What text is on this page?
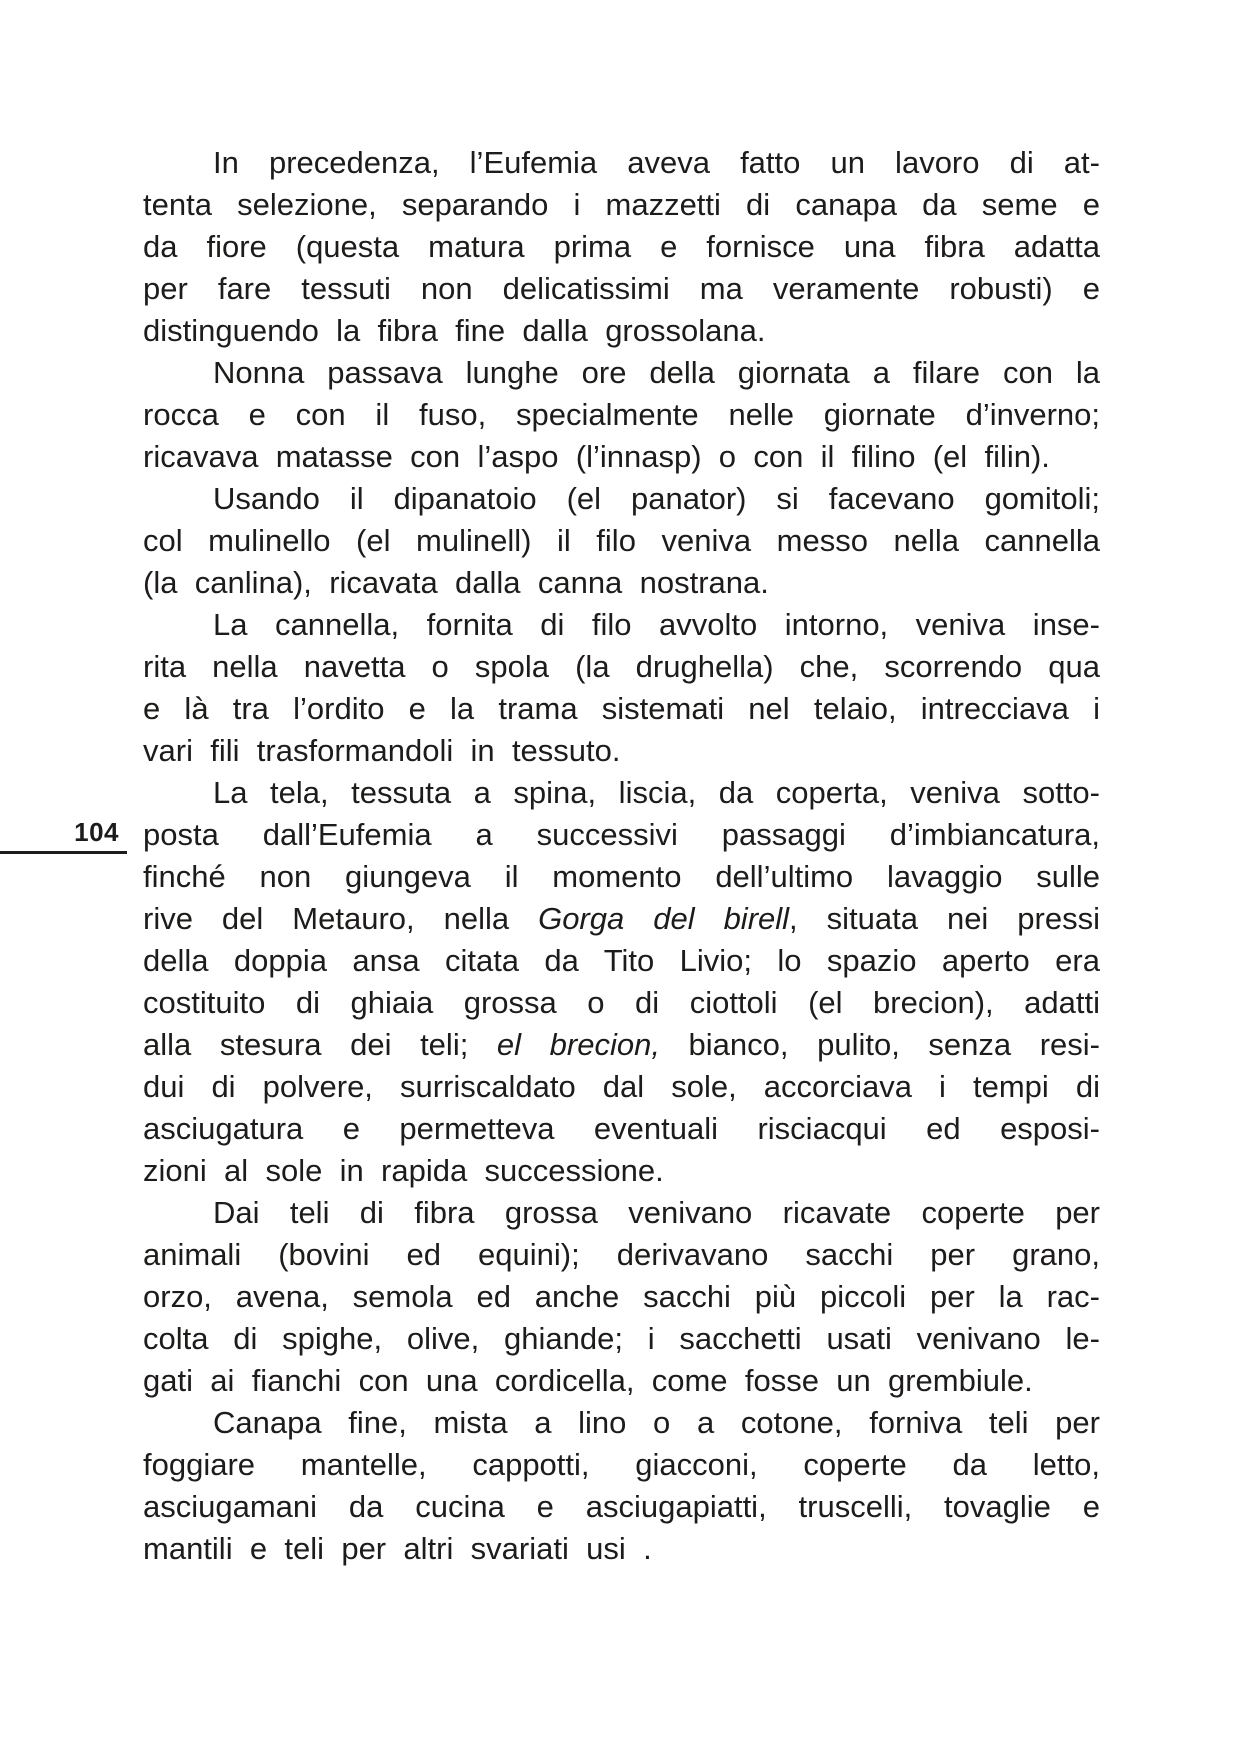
104
In precedenza, l’Eufemia aveva fatto un lavoro di at-
tenta selezione, separando i mazzetti di canapa da seme e
da fiore (questa matura prima e fornisce una fibra adatta
per fare tessuti non delicatissimi ma veramente robusti) e
distinguendo la fibra fine dalla grossolana.
Nonna passava lunghe ore della giornata a filare con la
rocca e con il fuso, specialmente nelle giornate d’inverno;
ricavava matasse con l’aspo (l’innasp) o con il filino (el filin).
Usando il dipanatoio (el panator) si facevano gomitoli;
col mulinello (el mulinell) il filo veniva messo nella cannella
(la canlina), ricavata dalla canna nostrana.
La cannella, fornita di filo avvolto intorno, veniva inse-
rita nella navetta o spola (la drughella) che, scorrendo qua
e là tra l’ordito e la trama sistemati nel telaio, intrecciava i
vari fili trasformandoli in tessuto.
La tela, tessuta a spina, liscia, da coperta, veniva sotto-
posta dall’Eufemia a successivi passaggi d’imbiancatura,
finché non giungeva il momento dell’ultimo lavaggio sulle
rive del Metauro, nella Gorga del birell, situata nei pressi
della doppia ansa citata da Tito Livio; lo spazio aperto era
costituito di ghiaia grossa o di ciottoli (el brecion), adatti
alla stesura dei teli; el brecion, bianco, pulito, senza resi-
dui di polvere, surriscaldato dal sole, accorciava i tempi di
asciugatura e permetteva eventuali risciacqui ed esposi-
zioni al sole in rapida successione.
Dai teli di fibra grossa venivano ricavate coperte per
animali (bovini ed equini); derivavano sacchi per grano,
orzo, avena, semola ed anche sacchi più piccoli per la rac-
colta di spighe, olive, ghiande; i sacchetti usati venivano le-
gati ai fianchi con una cordicella, come fosse un grembiule.
Canapa fine, mista a lino o a cotone, forniva teli per
foggiare mantelle, cappotti, giacconi, coperte da letto,
asciugamani da cucina e asciugapiatti, truscelli, tovaglie e
mantili e teli per altri svariati usi .
